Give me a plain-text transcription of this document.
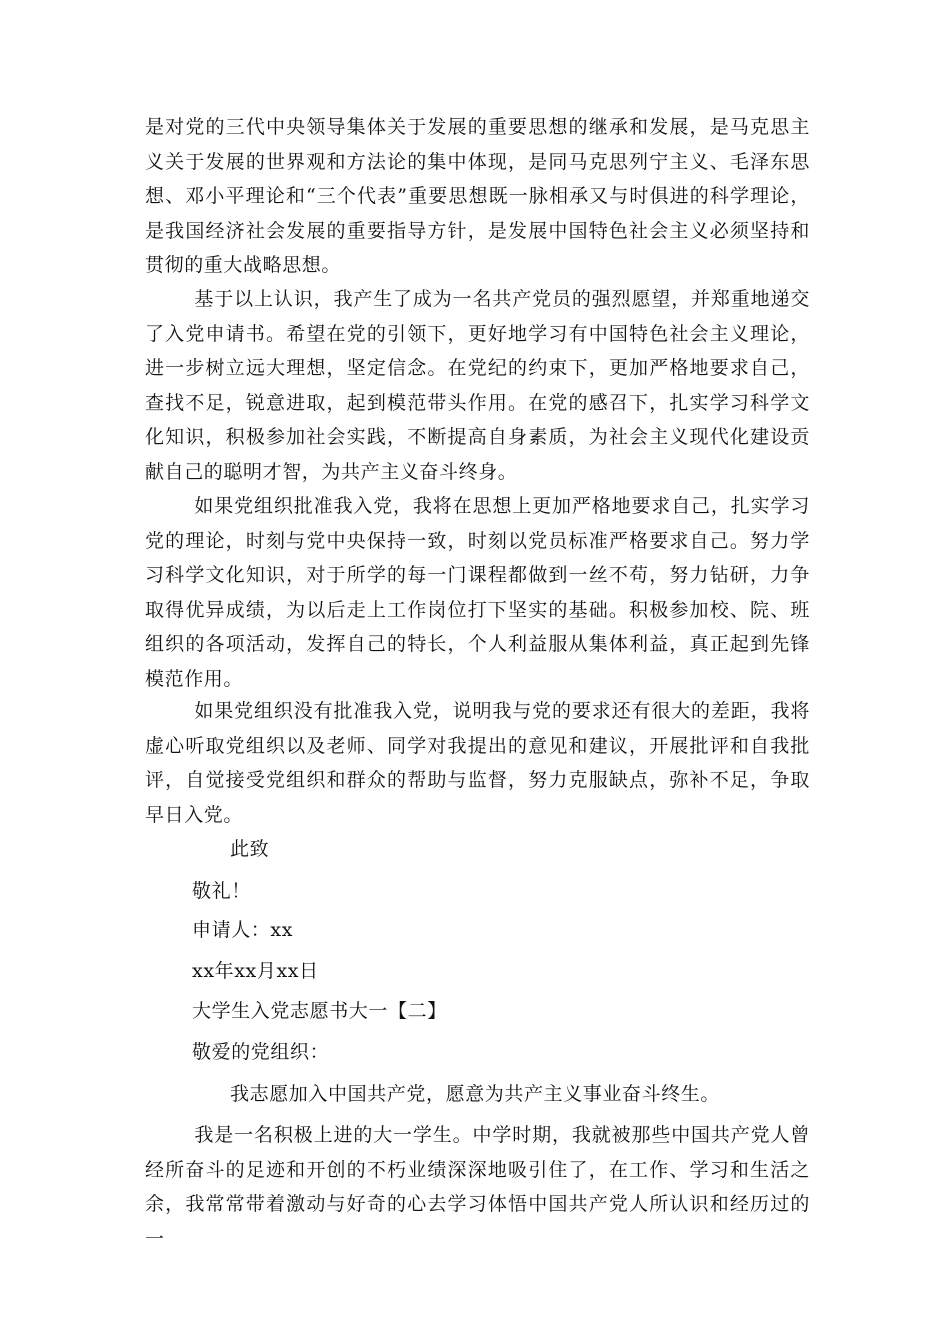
是对党的三代中央领导集体关于发展的重要思想的继承和发展，是马克思主义关于发展的世界观和方法论的集中体现，是同马克思列宁主义、毛泽东思想、邓小平理论和“三个代表”重要思想既一脉相承又与时俱进的科学理论，是我国经济社会发展的重要指导方针，是发展中国特色社会主义必须坚持和贯彻的重大战略思想。

基于以上认识，我产生了成为一名共产党员的强烈愿望，并郑重地递交了入党申请书。希望在党的引领下，更好地学习有中国特色社会主义理论，进一步树立远大理想，坚定信念。在党纪的约束下，更加严格地要求自己，查找不足，锐意进取，起到模范带头作用。在党的感召下，扎实学习科学文化知识，积极参加社会实践，不断提高自身素质，为社会主义现代化建设贡献自己的聪明才智，为共产主义奋斗终身。

如果党组织批准我入党，我将在思想上更加严格地要求自己，扎实学习党的理论，时刻与党中央保持一致，时刻以党员标准严格要求自己。努力学习科学文化知识，对于所学的每一门课程都做到一丝不苟，努力钻研，力争取得优异成绩，为以后走上工作岗位打下坚实的基础。积极参加校、院、班组织的各项活动，发挥自己的特长，个人利益服从集体利益，真正起到先锋模范作用。

如果党组织没有批准我入党，说明我与党的要求还有很大的差距，我将虚心听取党组织以及老师、同学对我提出的意见和建议，开展批评和自我批评，自觉接受党组织和群众的帮助与监督，努力克服缺点，弥补不足，争取早日入党。

此致

敬礼！

申请人：xx

xx年xx月xx日

大学生入党志愿书大一【二】

敬爱的党组织：

我志愿加入中国共产党，愿意为共产主义事业奋斗终生。

我是一名积极上进的大一学生。中学时期，我就被那些中国共产党人曾经所奋斗的足迹和开创的不朽业绩深深地吸引住了，在工作、学习和生活之余，我常常带着激动与好奇的心去学习体悟中国共产党人所认识和经历过的一
